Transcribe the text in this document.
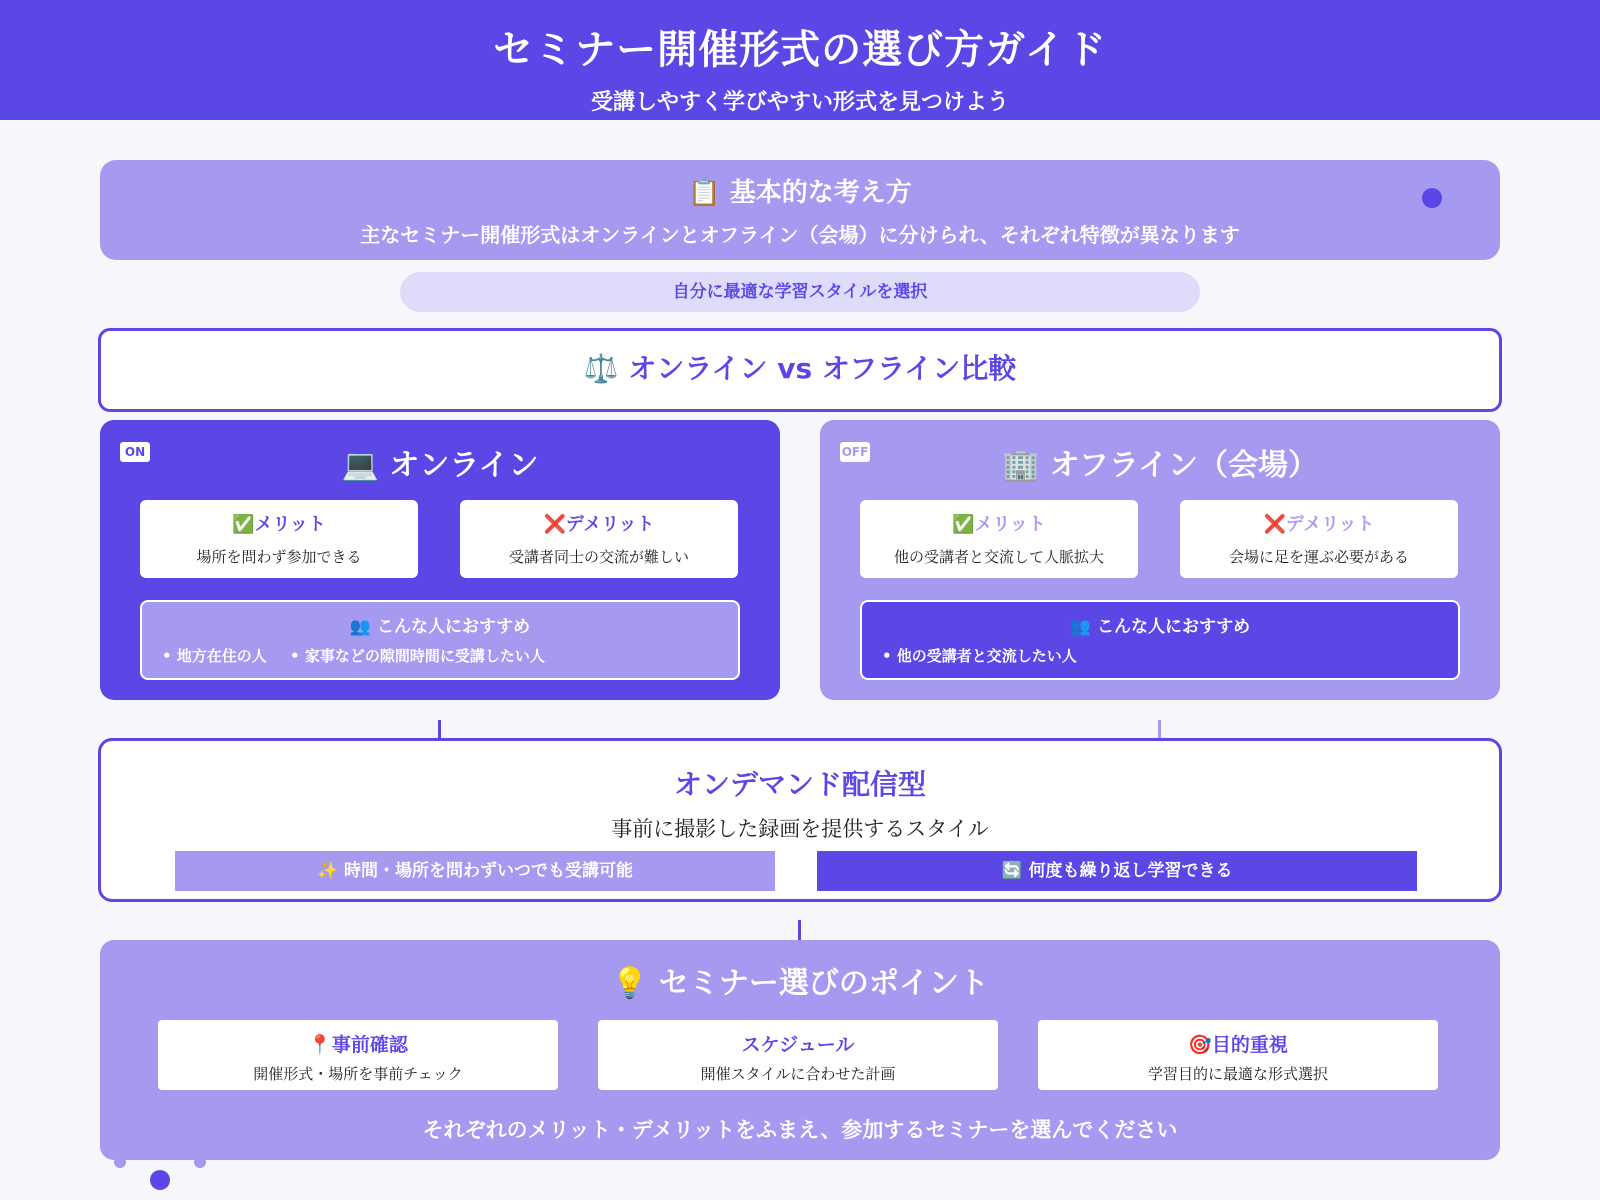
セミナー開催形式の選び方ガイド
受講しやすく学びやすい形式を見つけよう
📋 基本的な考え方
主なセミナー開催形式はオンラインとオフライン（会場）に分けられ、それぞれ特徴が異なります
自分に最適な学習スタイルを選択
⚖️ オンライン vs オフライン比較
ON	💻 オンライン
✅メリット
場所を問わず参加できる
❌デメリット
受講者同士の交流が難しい
👥 こんな人におすすめ
• 地方在住の人 • 家事などの隙間時間に受講したい人
OFF	🏢 オフライン（会場）
✅メリット
他の受講者と交流して人脈拡大
❌デメリット
会場に足を運ぶ必要がある
👥 こんな人におすすめ
• 他の受講者と交流したい人
オンデマンド配信型
事前に撮影した録画を提供するスタイル
✨ 時間・場所を問わずいつでも受講可能	🔄 何度も繰り返し学習できる
💡 セミナー選びのポイント
📍事前確認
開催形式・場所を事前チェック
スケジュール
開催スタイルに合わせた計画
🎯目的重視
学習目的に最適な形式選択
それぞれのメリット・デメリットをふまえ、参加するセミナーを選んでください
